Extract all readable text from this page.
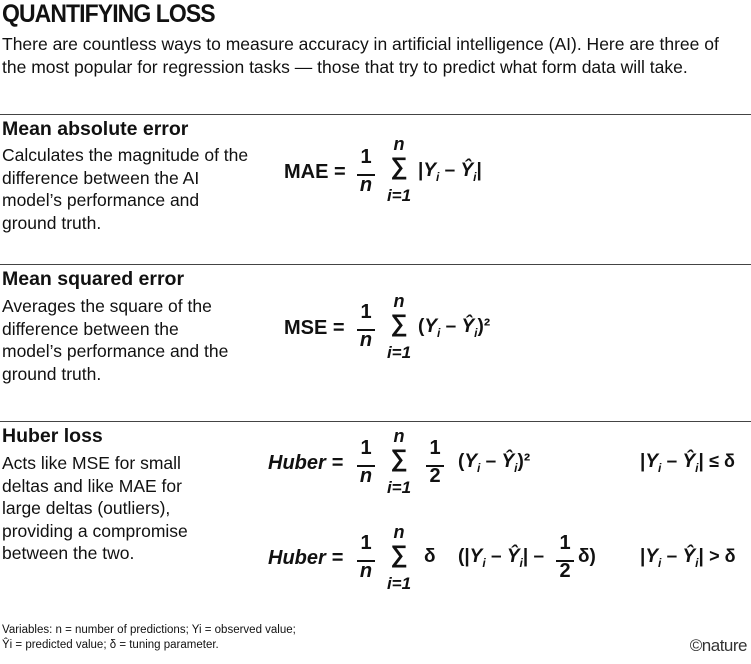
QUANTIFYING LOSS
There are countless ways to measure accuracy in artificial intelligence (AI). Here are three of the most popular for regression tasks — those that try to predict what form data will take.
Mean absolute error
Calculates the magnitude of the difference between the AI model’s performance and ground truth.
MAE =
1
n
n
∑
i=1
$|Y_i$ – $Ŷ_i|$
Mean squared error
Averages the square of the difference between the model’s performance and the ground truth.
MSE =
1
n
n
∑
i=1
($Y_i$ – $Ŷ_i)^2$
Huber loss
Acts like MSE for small deltas and like MAE for large deltas (outliers), providing a compromise between the two.
Huber =
1
n
n
∑
i=1
1
2
($Y_i$ – $Ŷ_i)^2$	$|Y_i$ – $Ŷ_i| \le \delta$
Huber =
1
n
n
∑
i=1
δ ($|Y_i$ – $Ŷ_i|$ –
1
2
δ) $|Y_i$ – $Ŷ_i| > \delta$
Variables: n = number of predictions; Yi = observed value;
Ŷi = predicted value; δ = tuning parameter.	©nature
